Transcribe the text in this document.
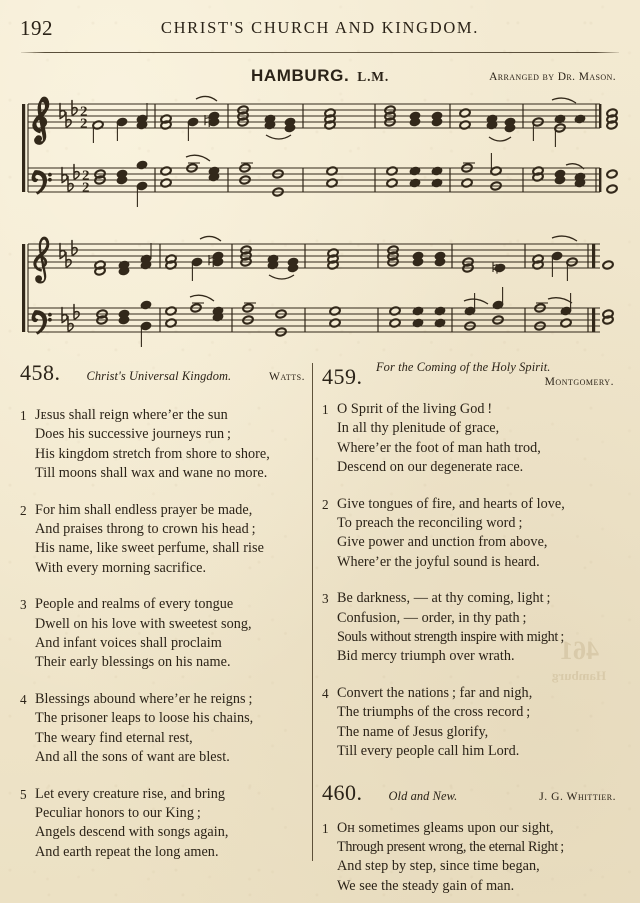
461
Hamburg
192	CHRIST'S CHURCH AND KINGDOM.
HAMBURG. L.M.	Arranged by Dr. Mason.
2
2
2
2
458. Christ's Universal Kingdom.	Watts.
1 Jᴇsus shall reign where’er the sun
Does his successive journeys run ;
His kingdom stretch from shore to shore,
Till moons shall wax and wane no more.
2 For him shall endless prayer be made,
And praises throng to crown his head ;
His name, like sweet perfume, shall rise
With every morning sacrifice.
3 People and realms of every tongue
Dwell on his love with sweetest song,
And infant voices shall proclaim
Their early blessings on his name.
4 Blessings abound where’er he reigns ;
The prisoner leaps to loose his chains,
The weary find eternal rest,
And all the sons of want are blest.
5 Let every creature rise, and bring
Peculiar honors to our King ;
Angels descend with songs again,
And earth repeat the long amen.
459. For the Coming of the Holy Spirit.
Montgomery.
1 O Spɪrit of the living God !
In all thy plenitude of grace,
Where’er the foot of man hath trod,
Descend on our degenerate race.
2 Give tongues of fire, and hearts of love,
To preach the reconciling word ;
Give power and unction from above,
Where’er the joyful sound is heard.
3 Be darkness, — at thy coming, light ;
Confusion, — order, in thy path ;
Souls without strength inspire with might ;
Bid mercy triumph over wrath.
4 Convert the nations ; far and nigh,
The triumphs of the cross record ;
The name of Jesus glorify,
Till every people call him Lord.
460. Old and New.	J. G. Whittier.
1 Oʜ sometimes gleams upon our sight,
Through present wrong, the eternal Right ;
And step by step, since time began,
We see the steady gain of man.
